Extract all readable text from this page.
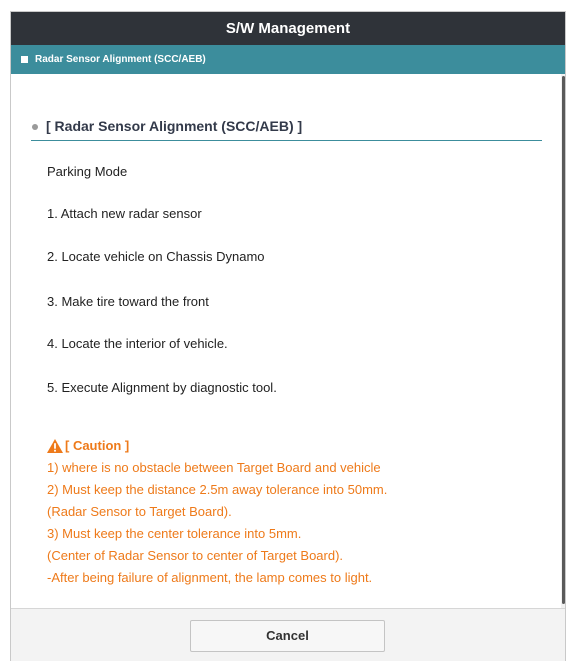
S/W Management
Radar Sensor Alignment (SCC/AEB)
[ Radar Sensor Alignment (SCC/AEB) ]
Parking Mode
1. Attach new radar sensor
2. Locate vehicle on Chassis Dynamo
3. Make tire toward the front
4. Locate the interior of vehicle.
5. Execute Alignment by diagnostic tool.
[ Caution ]
1) where is no obstacle between Target Board and vehicle
2) Must keep the distance 2.5m away tolerance into 50mm.
(Radar Sensor to Target Board).
3) Must keep the center tolerance into 5mm.
(Center of Radar Sensor to center of Target Board).
-After being failure of alignment, the lamp comes to light.
Cancel
